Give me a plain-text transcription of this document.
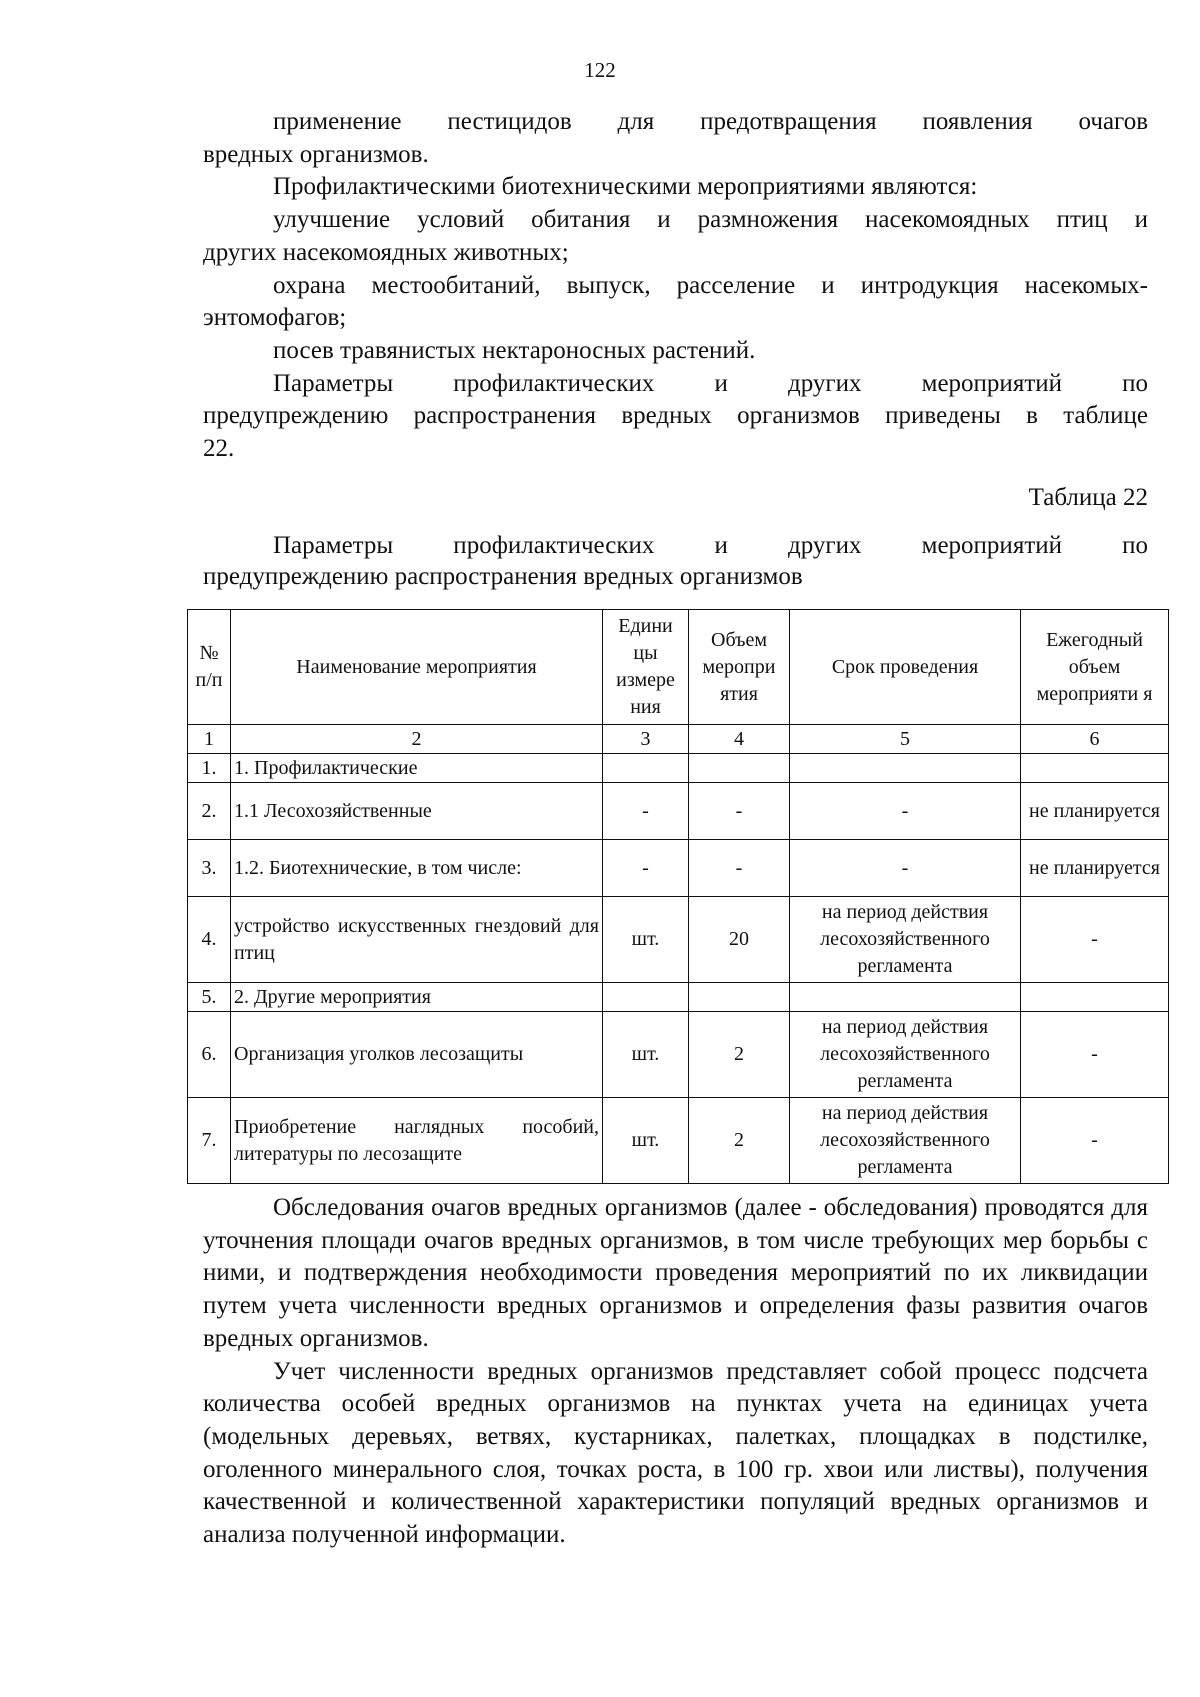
122

применение пестицидов для предотвращения появления очагов

вредных организмов.

Профилактическими биотехническими мероприятиями являются:

улучшение условий обитания и размножения насекомоядных птиц и

других насекомоядных животных;

охрана местообитаний, выпуск, расселение и интродукция насекомых-

энтомофагов;

посев травянистых нектароносных растений.

Параметры профилактических и других мероприятий по

предупреждению распространения вредных организмов приведены в таблице
22.
Таблица 22

Параметры профилактических и других мероприятий по

предупреждению распространения вредных организмов
№ п/п	Наименование мероприятия	Едини цы измере ния	Объем меропри ятия	Срок проведения	Ежегодный объем мероприяти я
1	2	3	4	5	6
1.	1. Профилактические				
2.	1.1 Лесохозяйственные	-	-	-	не планируется
3.	1.2. Биотехнические, в том числе:	-	-	-	не планируется
4.	устройство искусственных гнездовий для птиц	шт.	20	на период действия лесохозяйственного регламента	-
5.	2. Другие мероприятия				
6.	Организация уголков лесозащиты	шт.	2	на период действия лесохозяйственного регламента	-
7.	Приобретение наглядных пособий, литературы по лесозащите	шт.	2	на период действия лесохозяйственного регламента	-

Обследования очагов вредных организмов (далее - обследования) проводятся для уточнения площади очагов вредных организмов, в том числе требующих мер борьбы с ними, и подтверждения необходимости проведения мероприятий по их ликвидации путем учета численности вредных организмов и определения фазы развития очагов вредных организмов.

Учет численности вредных организмов представляет собой процесс подсчета количества особей вредных организмов на пунктах учета на единицах учета (модельных деревьях, ветвях, кустарниках, палетках, площадках в подстилке, оголенного минерального слоя, точках роста, в 100 гр. хвои или листвы), получения качественной и количественной характеристики популяций вредных организмов и анализа полученной информации.
